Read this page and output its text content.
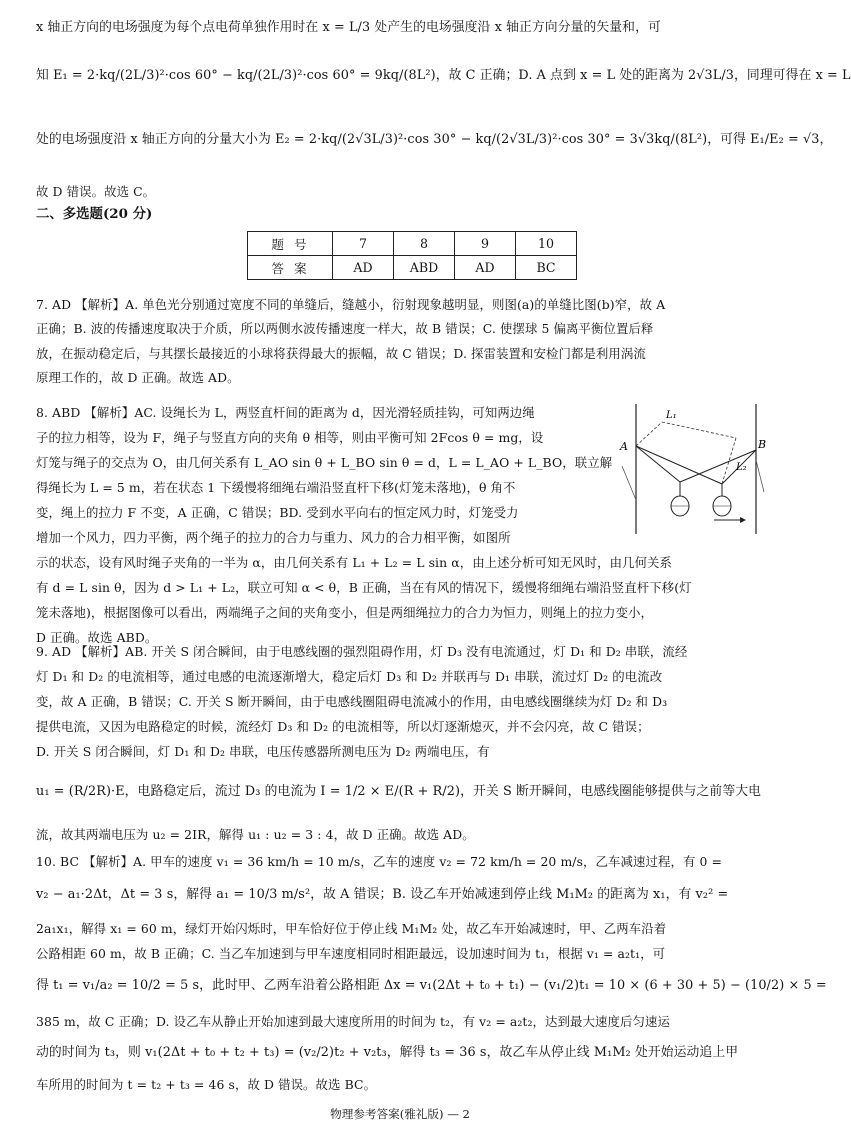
x 轴正方向的电场强度为每个点电荷单独作用时在 x = L/3 处产生的电场强度沿 x 轴正方向分量的矢量和，可
知 E₁ = 2·kq/(2L/3)²·cos 60° − kq/(2L/3)²·cos 60° = 9kq/(8L²)，故 C 正确；D. A 点到 x = L 处的距离为 2√3L/3，同理可得在 x = L
处的电场强度沿 x 轴正方向的分量大小为 E₂ = 2·kq/(2√3L/3)²·cos 30° − kq/(2√3L/3)²·cos 30° = 3√3kq/(8L²)，可得 E₁/E₂ = √3，
故 D 错误。故选 C。
二、多选题(20 分)
题号	7	8	9	10
答案	AD	ABD	AD	BC
7. AD 【解析】A. 单色光分别通过宽度不同的单缝后，缝越小，衍射现象越明显，则图(a)的单缝比图(b)窄，故 A
正确；B. 波的传播速度取决于介质，所以两侧水波传播速度一样大，故 B 错误；C. 使摆球 5 偏离平衡位置后释
放，在振动稳定后，与其摆长最接近的小球将获得最大的振幅，故 C 错误；D. 探雷装置和安检门都是利用涡流
原理工作的，故 D 正确。故选 AD。
8. ABD 【解析】AC. 设绳长为 L，两竖直杆间的距离为 d，因光滑轻质挂钩，可知两边绳
子的拉力相等，设为 F，绳子与竖直方向的夹角 θ 相等，则由平衡可知 2Fcos θ = mg，设
灯笼与绳子的交点为 O，由几何关系有 L_AO sin θ + L_BO sin θ = d，L = L_AO + L_BO，联立解
得绳长为 L = 5 m，若在状态 1 下缓慢将细绳右端沿竖直杆下移(灯笼未落地)，θ 角不
变，绳上的拉力 F 不变，A 正确，C 错误；BD. 受到水平向右的恒定风力时，灯笼受力
增加一个风力，四力平衡，两个绳子的拉力的合力与重力、风力的合力相平衡，如图所
示的状态，设有风时绳子夹角的一半为 α，由几何关系有 L₁ + L₂ = L sin α，由上述分析可知无风时，由几何关系
有 d = L sin θ，因为 d > L₁ + L₂，联立可知 α < θ，B 正确，当在有风的情况下，缓慢将细绳右端沿竖直杆下移(灯
笼未落地)，根据图像可以看出，两端绳子之间的夹角变小，但是两细绳拉力的合力为恒力，则绳上的拉力变小，
D 正确。故选 ABD。
A	B
L₁
L₂
9. AD 【解析】AB. 开关 S 闭合瞬间，由于电感线圈的强烈阻碍作用，灯 D₃ 没有电流通过，灯 D₁ 和 D₂ 串联，流经
灯 D₁ 和 D₂ 的电流相等，通过电感的电流逐渐增大，稳定后灯 D₃ 和 D₂ 并联再与 D₁ 串联，流过灯 D₂ 的电流改
变，故 A 正确，B 错误；C. 开关 S 断开瞬间，由于电感线圈阻碍电流减小的作用，由电感线圈继续为灯 D₂ 和 D₃
提供电流，又因为电路稳定的时候，流经灯 D₃ 和 D₂ 的电流相等，所以灯逐渐熄灭，并不会闪亮，故 C 错误；
D. 开关 S 闭合瞬间，灯 D₁ 和 D₂ 串联，电压传感器所测电压为 D₂ 两端电压，有
u₁ = (R/2R)·E，电路稳定后，流过 D₃ 的电流为 I = 1/2 × E/(R + R/2)，开关 S 断开瞬间，电感线圈能够提供与之前等大电
流，故其两端电压为 u₂ = 2IR，解得 u₁ : u₂ = 3 : 4，故 D 正确。故选 AD。
10. BC 【解析】A. 甲车的速度 v₁ = 36 km/h = 10 m/s，乙车的速度 v₂ = 72 km/h = 20 m/s，乙车减速过程，有 0 =
v₂ − a₁·2Δt，Δt = 3 s，解得 a₁ = 10/3 m/s²，故 A 错误；B. 设乙车开始减速到停止线 M₁M₂ 的距离为 x₁，有 v₂² =
2a₁x₁，解得 x₁ = 60 m，绿灯开始闪烁时，甲车恰好位于停止线 M₁M₂ 处，故乙车开始减速时，甲、乙两车沿着
公路相距 60 m，故 B 正确；C. 当乙车加速到与甲车速度相同时相距最远，设加速时间为 t₁，根据 v₁ = a₂t₁，可
得 t₁ = v₁/a₂ = 10/2 = 5 s，此时甲、乙两车沿着公路相距 Δx = v₁(2Δt + t₀ + t₁) − (v₁/2)t₁ = 10 × (6 + 30 + 5) − (10/2) × 5 =
385 m，故 C 正确；D. 设乙车从静止开始加速到最大速度所用的时间为 t₂，有 v₂ = a₂t₂，达到最大速度后匀速运
动的时间为 t₃，则 v₁(2Δt + t₀ + t₂ + t₃) = (v₂/2)t₂ + v₂t₃，解得 t₃ = 36 s，故乙车从停止线 M₁M₂ 处开始运动追上甲
车所用的时间为 t = t₂ + t₃ = 46 s，故 D 错误。故选 BC。
物理参考答案(雅礼版) — 2
